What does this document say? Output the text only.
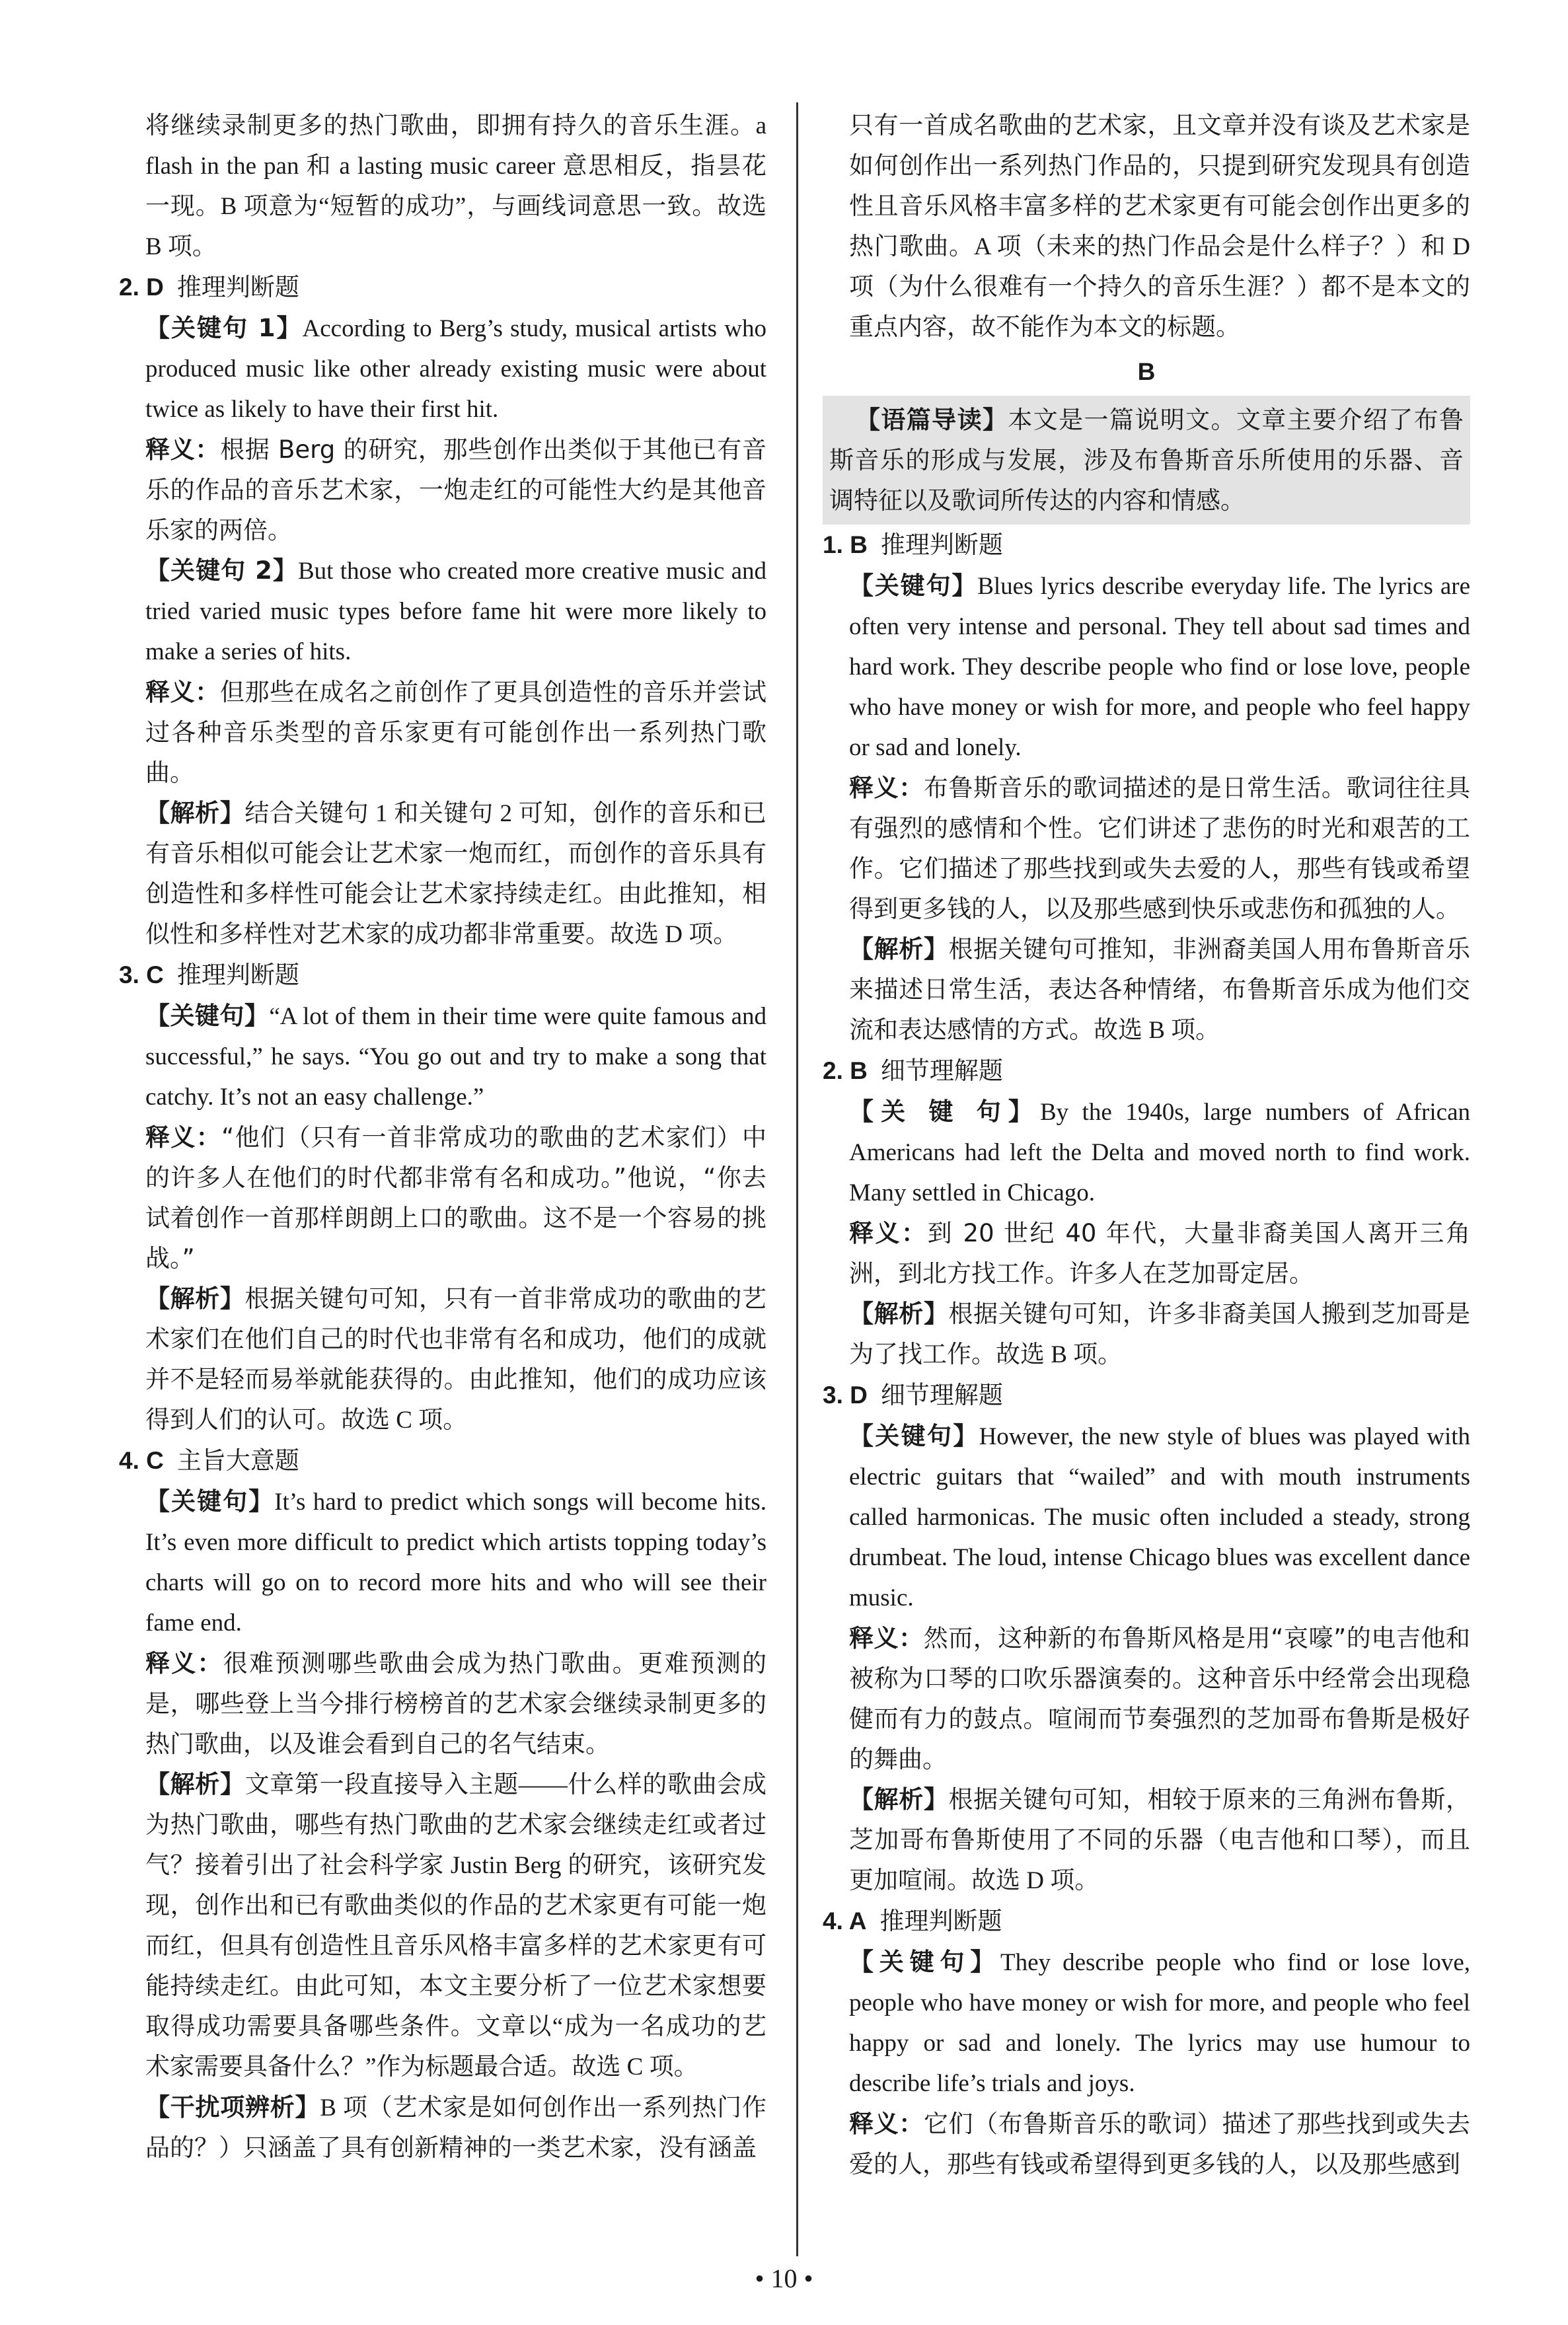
将继续录制更多的热门歌曲，即拥有持久的音乐生涯。a flash in the pan 和 a lasting music career 意思相反，指昙花一现。B 项意为“短暂的成功”，与画线词意思一致。故选 B 项。

2. D 推理判断题

【关键句 1】According to Berg’s study, musical artists who produced music like other already existing music were about twice as likely to have their first hit.

释义：根据 Berg 的研究，那些创作出类似于其他已有音乐的作品的音乐艺术家，一炮走红的可能性大约是其他音乐家的两倍。

【关键句 2】But those who created more creative music and tried varied music types before fame hit were more likely to make a series of hits.

释义：但那些在成名之前创作了更具创造性的音乐并尝试过各种音乐类型的音乐家更有可能创作出一系列热门歌曲。

【解析】结合关键句 1 和关键句 2 可知，创作的音乐和已有音乐相似可能会让艺术家一炮而红，而创作的音乐具有创造性和多样性可能会让艺术家持续走红。由此推知，相似性和多样性对艺术家的成功都非常重要。故选 D 项。

3. C 推理判断题

【关键句】“A lot of them in their time were quite famous and successful,” he says. “You go out and try to make a song that catchy. It’s not an easy challenge.”

释义：“他们（只有一首非常成功的歌曲的艺术家们）中的许多人在他们的时代都非常有名和成功。”他说，“你去试着创作一首那样朗朗上口的歌曲。这不是一个容易的挑战。”

【解析】根据关键句可知，只有一首非常成功的歌曲的艺术家们在他们自己的时代也非常有名和成功，他们的成就并不是轻而易举就能获得的。由此推知，他们的成功应该得到人们的认可。故选 C 项。

4. C 主旨大意题

【关键句】It’s hard to predict which songs will become hits. It’s even more difficult to predict which artists topping today’s charts will go on to record more hits and who will see their fame end.

释义：很难预测哪些歌曲会成为热门歌曲。更难预测的是，哪些登上当今排行榜榜首的艺术家会继续录制更多的热门歌曲，以及谁会看到自己的名气结束。

【解析】文章第一段直接导入主题——什么样的歌曲会成为热门歌曲，哪些有热门歌曲的艺术家会继续走红或者过气？接着引出了社会科学家 Justin Berg 的研究，该研究发现，创作出和已有歌曲类似的作品的艺术家更有可能一炮而红，但具有创造性且音乐风格丰富多样的艺术家更有可能持续走红。由此可知，本文主要分析了一位艺术家想要取得成功需要具备哪些条件。文章以“成为一名成功的艺术家需要具备什么？”作为标题最合适。故选 C 项。

【干扰项辨析】B 项（艺术家是如何创作出一系列热门作品的？）只涵盖了具有创新精神的一类艺术家，没有涵盖

只有一首成名歌曲的艺术家，且文章并没有谈及艺术家是如何创作出一系列热门作品的，只提到研究发现具有创造性且音乐风格丰富多样的艺术家更有可能会创作出更多的热门歌曲。A 项（未来的热门作品会是什么样子？）和 D 项（为什么很难有一个持久的音乐生涯？）都不是本文的重点内容，故不能作为本文的标题。

B

【语篇导读】本文是一篇说明文。文章主要介绍了布鲁斯音乐的形成与发展，涉及布鲁斯音乐所使用的乐器、音调特征以及歌词所传达的内容和情感。

1. B 推理判断题

【关键句】Blues lyrics describe everyday life. The lyrics are often very intense and personal. They tell about sad times and hard work. They describe people who find or lose love, people who have money or wish for more, and people who feel happy or sad and lonely.

释义：布鲁斯音乐的歌词描述的是日常生活。歌词往往具有强烈的感情和个性。它们讲述了悲伤的时光和艰苦的工作。它们描述了那些找到或失去爱的人，那些有钱或希望得到更多钱的人，以及那些感到快乐或悲伤和孤独的人。

【解析】根据关键句可推知，非洲裔美国人用布鲁斯音乐来描述日常生活，表达各种情绪，布鲁斯音乐成为他们交流和表达感情的方式。故选 B 项。

2. B 细节理解题

【关 键 句】By the 1940s, large numbers of African Americans had left the Delta and moved north to find work. Many settled in Chicago.

释义：到 20 世纪 40 年代，大量非裔美国人离开三角洲，到北方找工作。许多人在芝加哥定居。

【解析】根据关键句可知，许多非裔美国人搬到芝加哥是为了找工作。故选 B 项。

3. D 细节理解题

【关键句】However, the new style of blues was played with electric guitars that “wailed” and with mouth instruments called harmonicas. The music often included a steady, strong drumbeat. The loud, intense Chicago blues was excellent dance music.

释义：然而，这种新的布鲁斯风格是用“哀嚎”的电吉他和被称为口琴的口吹乐器演奏的。这种音乐中经常会出现稳健而有力的鼓点。喧闹而节奏强烈的芝加哥布鲁斯是极好的舞曲。

【解析】根据关键句可知，相较于原来的三角洲布鲁斯，芝加哥布鲁斯使用了不同的乐器（电吉他和口琴），而且更加喧闹。故选 D 项。

4. A 推理判断题

【关键句】They describe people who find or lose love, people who have money or wish for more, and people who feel happy or sad and lonely. The lyrics may use humour to describe life’s trials and joys.

释义：它们（布鲁斯音乐的歌词）描述了那些找到或失去爱的人，那些有钱或希望得到更多钱的人，以及那些感到

• 10 •
